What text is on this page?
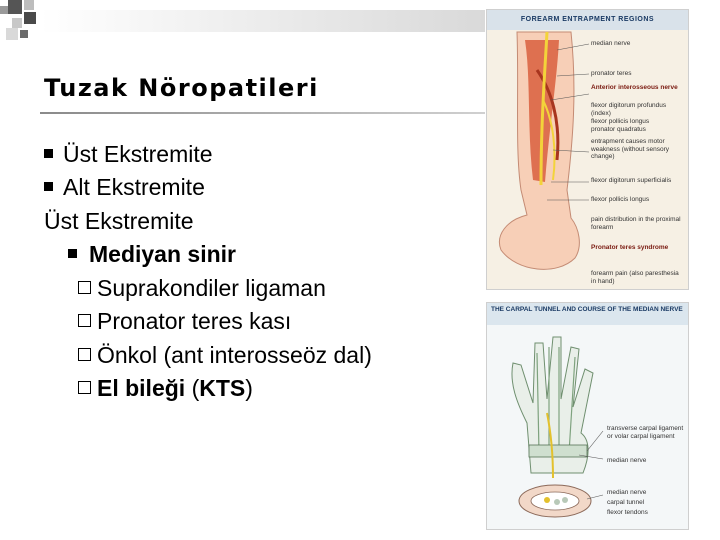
Tuzak Nöropatileri
Üst Ekstremite
Alt Ekstremite
Üst Ekstremite
Mediyan sinir
Suprakondiler ligaman
Pronator teres kası
Önkol (ant interosseöz dal)
El bileği (KTS)
FOREARM ENTRAPMENT REGIONS
median nerve
pronator teres
Anterior interosseous nerve
flexor digitorum profundus (index)
flexor pollicis longus
pronator quadratus
entrapment causes motor weakness (without sensory change)
flexor digitorum superficialis
flexor pollicis longus
pain distribution in the proximal forearm
Pronator teres syndrome
forearm pain (also paresthesia in hand)
THE CARPAL TUNNEL AND COURSE OF THE MEDIAN NERVE
transverse carpal ligament or volar carpal ligament
median nerve
median nerve
carpal tunnel
flexor tendons
